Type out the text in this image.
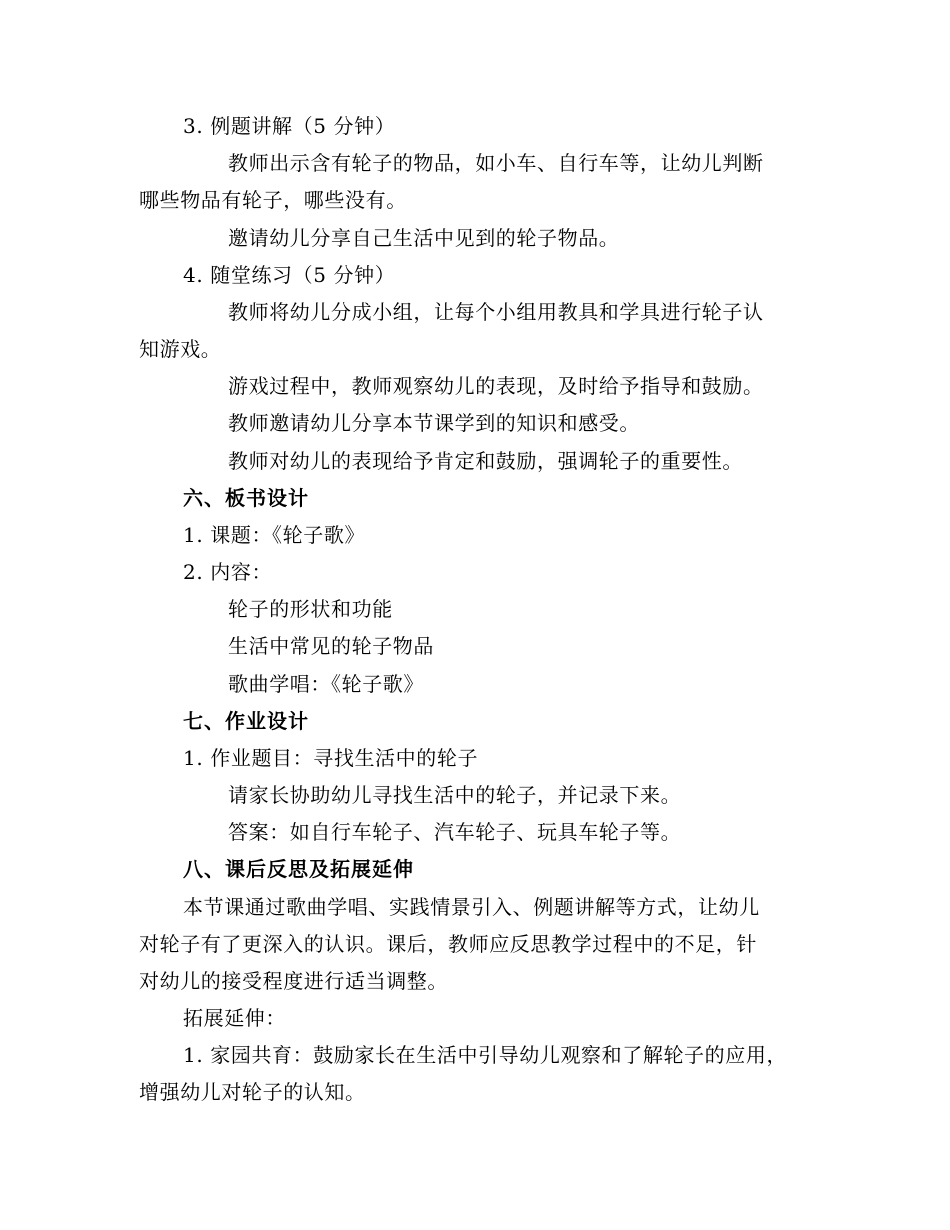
3. 例题讲解（5 分钟）
教师出示含有轮子的物品，如小车、自行车等，让幼儿判断
哪些物品有轮子，哪些没有。
邀请幼儿分享自己生活中见到的轮子物品。
4. 随堂练习（5 分钟）
教师将幼儿分成小组，让每个小组用教具和学具进行轮子认
知游戏。
游戏过程中，教师观察幼儿的表现，及时给予指导和鼓励。
教师邀请幼儿分享本节课学到的知识和感受。
教师对幼儿的表现给予肯定和鼓励，强调轮子的重要性。
六、板书设计
1. 课题：《轮子歌》
2. 内容：
轮子的形状和功能
生活中常见的轮子物品
歌曲学唱：《轮子歌》
七、作业设计
1. 作业题目：寻找生活中的轮子
请家长协助幼儿寻找生活中的轮子，并记录下来。
答案：如自行车轮子、汽车轮子、玩具车轮子等。
八、课后反思及拓展延伸
本节课通过歌曲学唱、实践情景引入、例题讲解等方式，让幼儿
对轮子有了更深入的认识。课后，教师应反思教学过程中的不足，针
对幼儿的接受程度进行适当调整。
拓展延伸：
1. 家园共育：鼓励家长在生活中引导幼儿观察和了解轮子的应用，
增强幼儿对轮子的认知。
